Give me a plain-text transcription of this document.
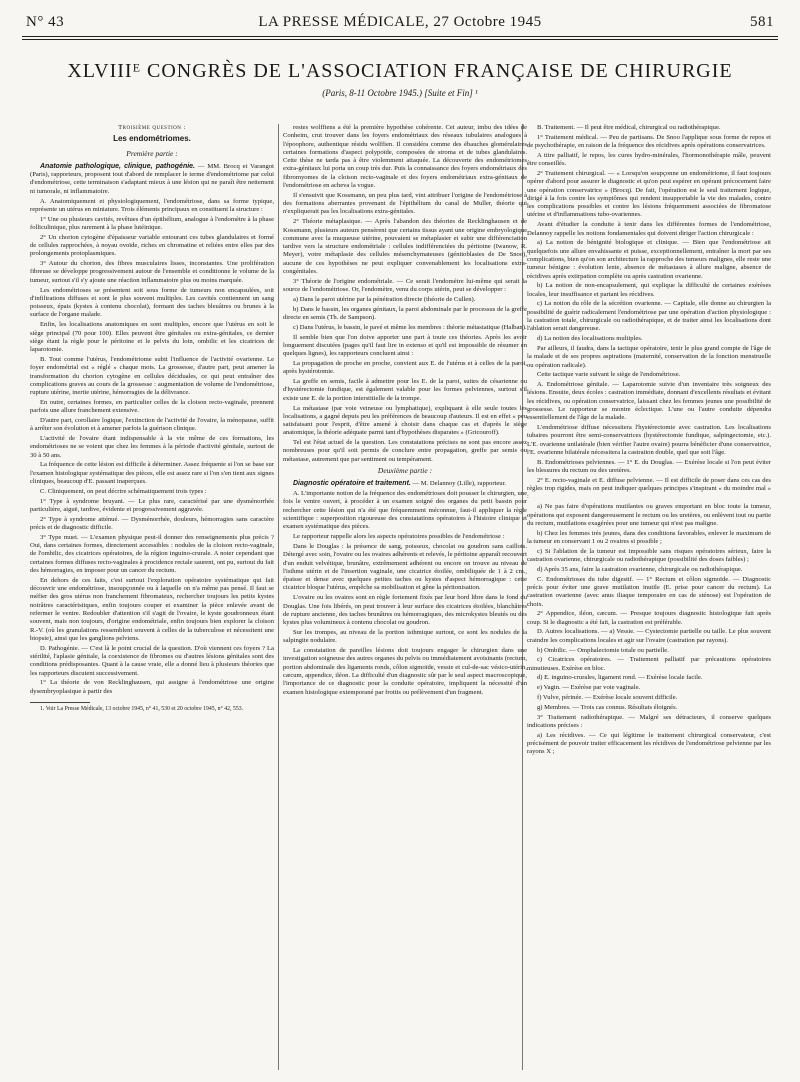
N° 43	LA PRESSE MÉDICALE, 27 Octobre 1945	581
XLVIIIᴱ CONGRÈS DE L'ASSOCIATION FRANÇAISE DE CHIRURGIE
(Paris, 8-11 Octobre 1945.) [Suite et Fin] ¹

Troisième question :

Les endométriomes.

Première partie :

Anatomie pathologique, clinique, pathogénie. — MM. Brocq et Varangot (Paris), rapporteurs, proposent tout d'abord de remplacer le terme d'endométriome par celui d'endométriose, cette terminaison s'adaptant mieux à une lésion qui ne paraît être nettement ni tumorale, ni inflammatoire.

A. Anatomiquement et physiologiquement, l'endométriose, dans sa forme typique, représente un utérus en miniature. Trois éléments principaux en constituent la structure :

1° Une ou plusieurs cavités, revêtues d'un épithélium, analogue à l'endomètre à la phase folliculinique, plus rarement à la phase lutéinique.

2° Un chorion cytogène d'épaisseur variable entourant ces tubes glandulaires et formé de cellules rapprochées, à noyau ovoïde, riches en chromatine et reliées entre elles par des prolongements protoplasmiques.

3° Autour du chorion, des fibres musculaires lisses, inconstantes. Une prolifération fibreuse se développe progressivement autour de l'ensemble et conditionne le volume de la tumeur, surtout s'il s'y ajoute une réaction inflammatoire plus ou moins marquée.

Les endométrioses se présentent soit sous forme de tumeurs non encapsulées, soit d'infiltrations diffuses et sont le plus souvent multiples. Les cavités contiennent un sang poisseux, épais (kystes à contenu chocolat), formant des taches bleuâtres ou brunes à la surface de l'organe malade.

Enfin, les localisations anatomiques en sont multiples, encore que l'utérus en soit le siège principal (70 pour 100). Elles peuvent être génitales ou extra-génitales, ce dernier siège étant la règle pour le péritoine et le pelvis du loin, ombilic et les cicatrices de laparotomie.

B. Tout comme l'utérus, l'endométriome subit l'influence de l'activité ovarienne. Le foyer endométrial est « réglé » chaque mois. La grossesse, d'autre part, peut amener la transformation du chorion cytogène en cellules déciduales, ce qui peut entraîner des complications graves au cours de la grossesse : augmentation de volume de l'endométriose, rupture utérine, inertie utérine, hémorragies de la délivrance.

En outre, certaines formes, en particulier celles de la cloison recto-vaginale, prennent parfois une allure franchement extensive.

D'autre part, corollaire logique, l'extinction de l'activité de l'ovaire, la ménopause, suffit à arrêter son évolution et à amener parfois la guérison clinique.

L'activité de l'ovaire étant indispensable à la vie même de ces formations, les endométrioses ne se voient que chez les femmes à la période d'activité génitale, surtout de 30 à 50 ans.

La fréquence de cette lésion est difficile à déterminer. Assez fréquente si l'on se base sur l'examen histologique systématique des pièces, elle est assez rare si l'on s'en tient aux signes cliniques, beaucoup d'E. passant inaperçues.

C. Cliniquement, on peut décrire schématiquement trois types :

1° Type à syndrome bruyant. — Le plus rare, caractérisé par une dysménorrhée particulière, aiguë, tardive, évidente et progressivement aggravée.

2° Type à syndrome atténué. — Dysménorrhée, douleurs, hémorragies sans caractère précis et de diagnostic difficile.

3° Type muet. — L'examen physique peut-il donner des renseignements plus précis ? Oui, dans certaines formes, directement accessibles : nodules de la cloison recto-vaginale, de l'ombilic, des cicatrices opératoires, de la région inguino-crurale. A noter cependant que certaines formes diffuses recto-vaginales à procidence rectale saurent, ont pu, surtout du fait des hémorragies, en imposer pour un cancer du rectum.

En dehors de ces faits, c'est surtout l'exploration opératoire systématique qui fait découvrir une endométriose, insoupçonnée ou à laquelle on n'a même pas pensé. Il faut se méfier des gros utérus non franchement fibromateux, rechercher toujours les petits kystes noirâtres caractéristiques, enfin toujours couper et examiner la pièce enlevée avant de refermer le ventre. Redoubler d'attention s'il s'agit de l'ovaire, le kyste goudronneux étant souvent, mais non toujours, d'origine endométriale, enfin toujours bien explorer la cloison R.-V. (où les granulations ressemblent souvent à celles de la tuberculose et nécessitent une biopsie), ainsi que les ganglions pelviens.

D. Pathogénie. — C'est là le point crucial de la question. D'où viennent ces foyers ? La stérilité, l'aplasie génitale, la coexistence de fibromes ou d'autres lésions génitales sont des conditions prédisposantes. Quant à la cause vraie, elle a donné lieu à plusieurs théories que les rapporteurs discutent successivement.

1° La théorie de von Recklinghausen, qui assigne à l'endométriose une origine dysembryoplasique à partir des

1. Voir La Presse Médicale, 13 octobre 1945, n° 41, 530 et 20 octobre 1945, n° 42, 553.

restes wolffiens a été la première hypothèse cohérente. Cet auteur, imbu des idées de Conheim, crut trouver dans les foyers endométriaux des réseaux tubulaires analogues à l'époophore, authentique résidu wolffien. Il considéra comme des ébauches glomérulaires certaines formations d'aspect polypoïde, composées de stroma et de tubes glandulaires. Cette thèse ne tarda pas à être violemment attaquée. La découverte des endométriomes extra-génitaux lui porta un coup très dur. Puis la connaissance des foyers endométriaux des fibromyomes de la cloison recto-vaginale et des foyers endométriaux extra-génitaux de l'endométriose en acheva la vogue.

Il s'ensuivit que Kossmann, un peu plus tard, vint attribuer l'origine de l'endométriose à des formations aberrantes provenant de l'épithélium du canal de Muller, théorie qui n'expliquerait pas les localisations extra-génitales.

2° Théorie métaplasique. — Après l'abandon des théories de Recklinghausen et de Kossmann, plusieurs auteurs pensèrent que certains tissus ayant une origine embryologique commune avec la muqueuse utérine, pouvaient se métaplasier et subir une différenciation tardive vers la structure endométriale : cellules indifférenciées du péritoine (Iwanow, R. Meyer), votre métaplasie des cellules mésenchymateuses (génitoblastes de De Snoo), aucune de ces hypothèses ne peut expliquer convenablement les localisations extra-congénitales.

3° Théorie de l'origine endométriale. — Ce serait l'endomètre lui-même qui serait la source de l'endométriose. Or, l'endomètre, venu du corps utérin, peut se développer :

a) Dans la paroi utérine par la pénétration directe (théorie de Cullen).

b) Dans le bassin, les organes génitaux, la paroi abdominale par le processus de la greffe directe en semis (Th. de Sampson).

c) Dans l'utérus, le bassin, le pavé et même les membres : théorie métastatique (Halban).

Il semble bien que l'on doive apporter une part à toute ces théories. Après les avoir longuement discutées (pages qu'il faut lire in extenso et qu'il est impossible de résumer en quelques lignes), les rapporteurs concluent ainsi :

La propagation de proche en proche, convient aux E. de l'utérus et à celles de la paroi, après hystérotomie.

La greffe en semis, facile à admettre pour les E. de la paroi, suites de césarienne ou d'hystérectomie fundique, est également valable pour les formes pelviennes, surtout s'il existe une E. de la portion interstitielle de la trompe.

La métastase (par voie veineuse ou lymphatique), expliquant à elle seule toutes les localisations, a gagné depuis peu les préférences de beaucoup d'auteurs. Il est en effet « peu satisfaisant pour l'esprit, d'être amené à choisir dans chaque cas et d'après le siège anatomique, la théorie adéquate parmi tant d'hypothèses disparates » (Gricouroff).

Tel est l'état actuel de la question. Les constatations précises ne sont pas encore assez nombreuses pour qu'il soit permis de conclure entre propagation, greffe par semis ou métastase, autrement que par sentiment ou tempérament.

Deuxième partie :

Diagnostic opératoire et traitement. — M. Delannoy (Lille), rapporteur.

A. L'importante notion de la fréquence des endométrioses doit pousser le chirurgien, une fois le ventre ouvert, à procéder à un examen soigné des organes du petit bassin pour rechercher cette lésion qui n'a été que fréquemment méconnue, faut-il appliquer la règle scientifique : superposition rigoureuse des constatations opératoires à l'histoire clinique et examen systématique des pièces.

Le rapporteur rappelle alors les aspects opératoires possibles de l'endométriose :

Dans le Douglas : la présence de sang, poisseux, chocolat ou goudron sans caillots. Détergé avec soin, l'ovaire ou les ovaires adhérents et relevés, le péritoine apparaît recouvert d'un enduit velvétique, brunâtre, extrêmement adhérent ou encore on trouve au niveau de l'isthme utérin et de l'insertion vaginale, une cicatrice étoilée, ombiliquée de 1 à 2 cm., épaisse et dense avec quelques petites taches ou kystes d'aspect hémorragique : cette cicatrice bloque l'utérus, empêche sa mobilisation et gêne la péritonisation.

L'ovaire ou les ovaires sont en règle fortement fixés par leur bord libre dans le fond du Douglas. Une fois libérés, on peut trouver à leur surface des cicatrices étoilées, blanchâtres de rupture ancienne, des taches brunâtres ou hémorragiques, des microkystes bleutés ou des kystes plus volumineux à contenu chocolat ou goudron.

Sur les trompes, au niveau de la portion isthmique surtout, ce sont les nodules de la salpingite nodulaire.

La constatation de pareilles lésions doit toujours engager le chirurgien dans une investigation soigneuse des autres organes du pelvis ou immédiatement avoisinants (rectum, portion abdominale des ligaments ronds, côlon sigmoïde, vessie et cul-de-sac vésico-utérin, cæcum, appendice, iléon. La difficulté d'un diagnostic sûr par le seul aspect macroscopique, l'importance de ce diagnostic pour la conduite opératoire, impliquent la nécessité d'un examen histologique extemporané par frottis ou prélèvement d'un fragment.

B. Traitement. — Il peut être médical, chirurgical ou radiothérapique.

1° Traitement médical. — Peu de partisans. De Snoo l'applique sous forme de repos et de psychothérapie, en raison de la fréquence des récidives après opérations conservatrices.

A titre palliatif, le repos, les cures hydro-minérales, l'hormonothérapie mâle, peuvent être conseillés.

2° Traitement chirurgical. — « Lorsqu'on soupçonne un endométriome, il faut toujours opérer d'abord pour assurer le diagnostic et qu'on peut espérer en opérant précocement faire une opération conservatrice » (Brocq). De fait, l'opération est le seul traitement logique, dirigé à la fois contre les symptômes qui rendent insupportable la vie des malades, contre les complications possibles et contre les lésions fréquemment associées de fibromatose utérine et d'inflammations tubo-ovariennes.

Avant d'étudier la conduite à tenir dans les différentes formes de l'endométriose, Delannoy rappelle les notions fondamentales qui doivent diriger l'action chirurgicale :

a) La notion de bénignité biologique et clinique. — Bien que l'endométriose ait quelquefois une allure envahissante et puisse, exceptionnellement, entraîner la mort par ses complications, bien qu'on son architecture la rapproche des tumeurs malignes, elle reste une tumeur bénigne : évolution lente, absence de métastases à allure maligne, absence de récidives après extirpation complète ou après castration ovarienne.

b) La notion de non-encapsulement, qui explique la difficulté de certaines exérèses locales, leur insuffisance et partant les récidives.

c) La notion du rôle de la sécrétion ovarienne. — Capitale, elle donne au chirurgien la possibilité de guérir radicalement l'endométriose par une opération d'action physiologique : la castration totale, chirurgicale ou radiothérapique, et de traiter ainsi les localisations dont l'ablation serait dangereuse.

d) La notion des localisations multiples.

Par ailleurs, il faudra, dans la tactique opératoire, tenir le plus grand compte de l'âge de la malade et de ses propres aspirations (maternité, conservation de la fonction menstruelle ou opération radicale).

Cette tactique varie suivant le siège de l'endométriose.

A. Endométriose génitale. — Laparotomie suivie d'un inventaire très soigneux des lésions. Ensuite, deux écoles : castration immédiate, donnant d'excellents résultats et évitant les récidives, ou opération conservatrice, laissant chez les femmes jeunes une possibilité de grossesse. Le rapporteur se montre éclectique. L'une ou l'autre conduite dépendra essentiellement de l'âge de la malade.

L'endométriose diffuse nécessitera l'hystérectomie avec castration. Les localisations tubaires pourront être semi-conservatrices (hystérectomie fundique, salpingectomie, etc.). L'E. ovarienne unilatérale (bien vérifier l'autre ovaire) pourra bénéficier d'une conservatrice, l'E. ovarienne bilatérale nécessitera la castration double, quel que soit l'âge.

B. Endométrioses pelviennes. — 1° E. du Douglas. — Exérèse locale si l'on peut éviter les blessures du rectum ou des uretères.

2° E. recto-vaginale et E. diffuse pelvienne. — Il est difficile de poser dans ces cas des règles trop rigides, mais on peut indiquer quelques principes s'inspirant « du moindre mal » :

a) Ne pas faire d'opérations mutilantes ou graves emportant en bloc toute la tumeur, opérations qui exposent dangereusement le rectum ou les uretères, ou enlèvent tout ou partie du rectum, mutilations exagérées pour une tumeur qui n'est pas maligne.

b) Chez les femmes très jeunes, dans des conditions favorables, enlever le maximum de la tumeur en conservant 1 ou 2 ovaires si possible ;

c) Si l'ablation de la tumeur est impossible sans risques opératoires sérieux, faire la castration ovarienne, chirurgicale ou radiothérapique (possibilité des doses faibles) ;

d) Après 35 ans, faire la castration ovarienne, chirurgicale ou radiothérapique.

C. Endométrioses du tube digestif. — 1° Rectum et côlon sigmoïde. — Diagnostic précis pour éviter une grave mutilation inutile (E. prise pour cancer du rectum). La castration ovarienne (avec anus iliaque temporaire en cas de sténose) est l'opération de choix.

2° Appendice, iléon, cæcum. — Presque toujours diagnostic histologique fait après coup. Si le diagnostic a été fait, la castration est préférable.

D. Autres localisations. — a) Vessie. — Cystectomie partielle ou taille. Le plus souvent craindre les complications locales et agir sur l'ovaire (castration par rayons).

b) Ombilic. — Omphalectomie totale ou partielle.

c) Cicatrices opératoires. — Traitement palliatif par précautions opératoires minutieuses. Exérèse en bloc.

d) E. inguino-crurales, ligament rond. — Exérèse locale facile.

e) Vagin. — Exérèse par voie vaginale.

f) Vulve, périnée. — Exérèse locale souvent difficile.

g) Membres. — Trois cas connus. Résultats éloignés.

3° Traitement radiothérapique. — Malgré ses détracteurs, il conserve quelques indications précises :

a) Les récidives. — Ce qui légitime le traitement chirurgical conservateur, c'est précisément de pouvoir traiter efficacement les récidives de l'endométriose pelvienne par les rayons X ;
